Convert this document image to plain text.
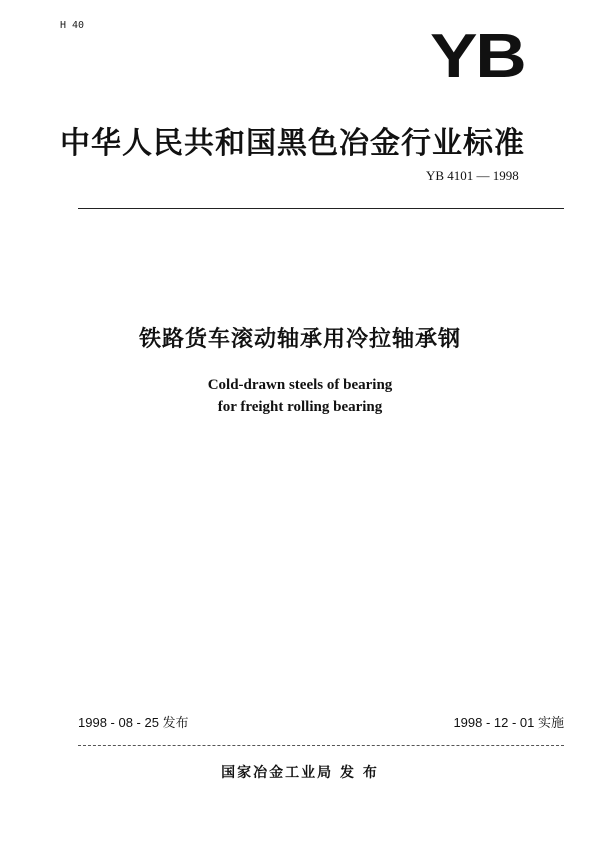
H 40	YB
中华人民共和国黑色冶金行业标准
YB 4101 — 1998
铁路货车滚动轴承用冷拉轴承钢
Cold-drawn steels of bearing
for freight rolling bearing
1998 - 08 - 25 发布	1998 - 12 - 01 实施
国家冶金工业局 发 布
